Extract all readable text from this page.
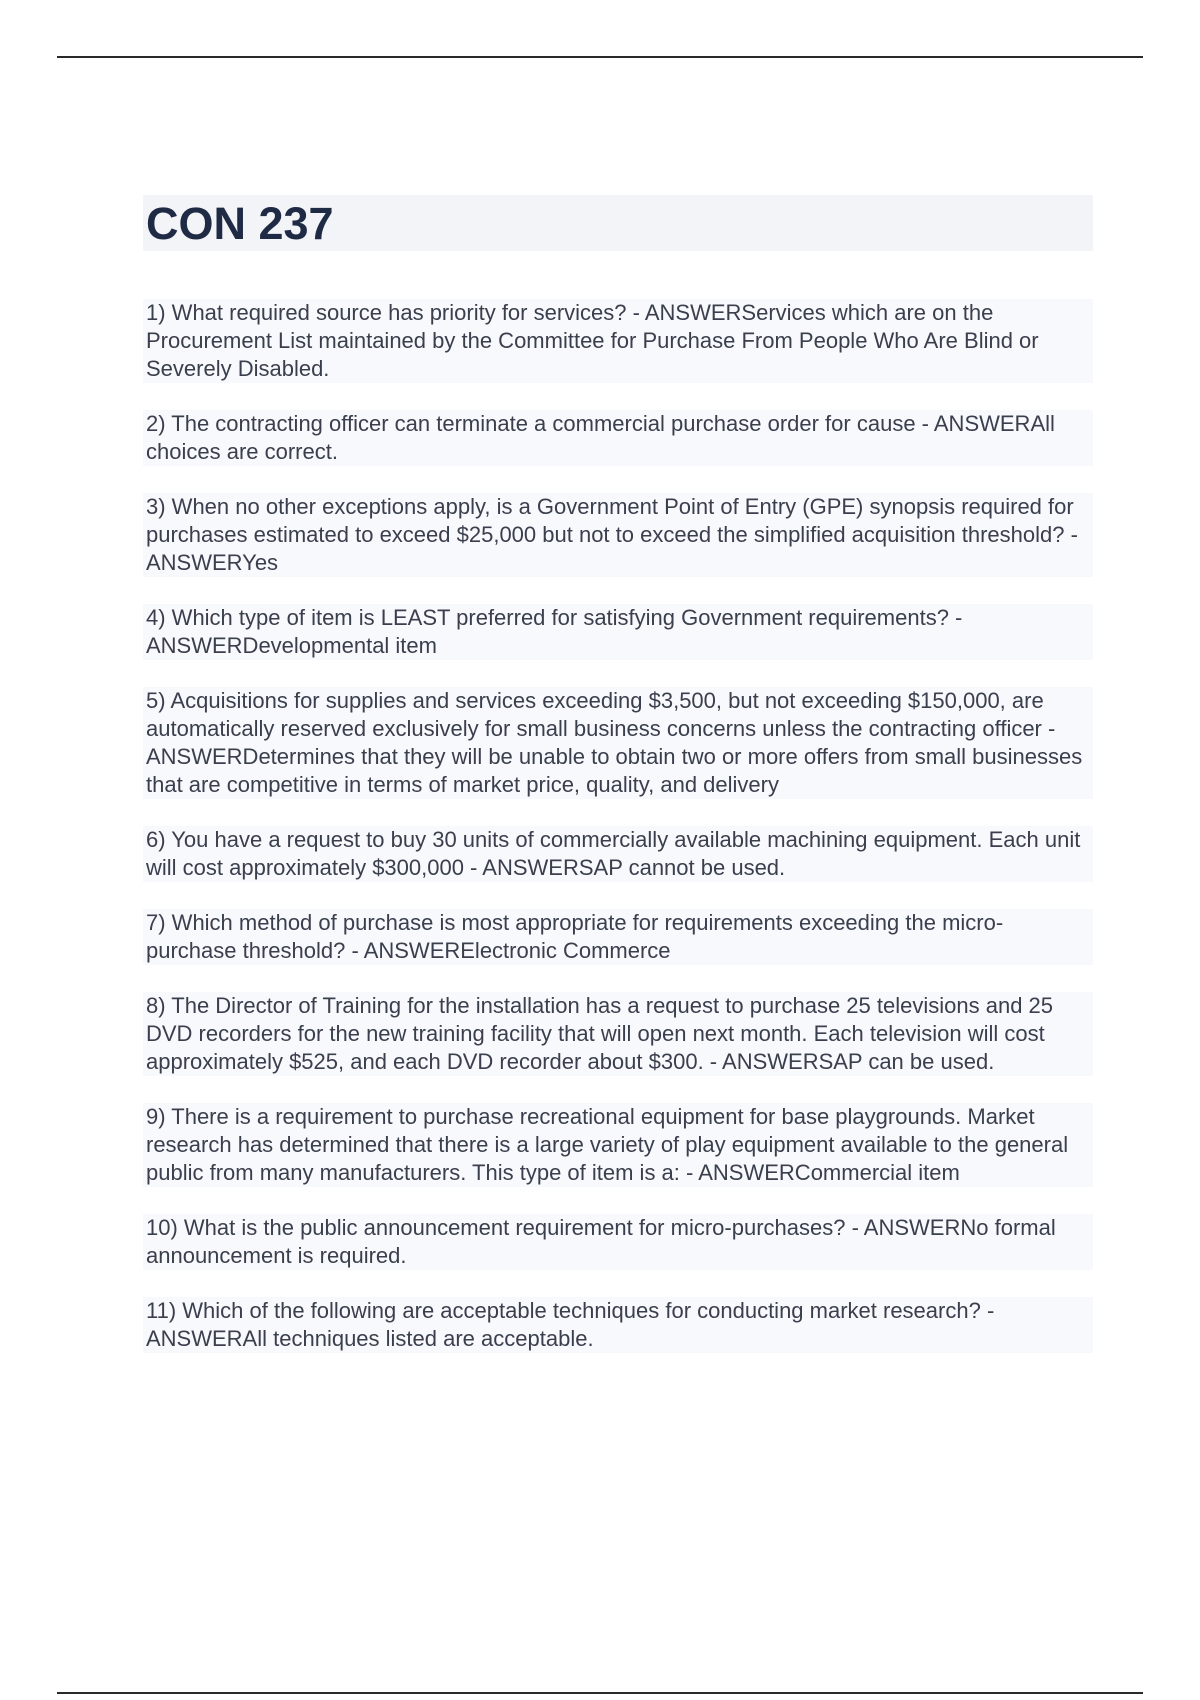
CON 237
1) What required source has priority for services? - ANSWERServices which are on the Procurement List maintained by the Committee for Purchase From People Who Are Blind or Severely Disabled.
2) The contracting officer can terminate a commercial purchase order for cause - ANSWERAll choices are correct.
3) When no other exceptions apply, is a Government Point of Entry (GPE) synopsis required for purchases estimated to exceed $25,000 but not to exceed the simplified acquisition threshold? - ANSWERYes
4) Which type of item is LEAST preferred for satisfying Government requirements? - ANSWERDevelopmental item
5) Acquisitions for supplies and services exceeding $3,500, but not exceeding $150,000, are automatically reserved exclusively for small business concerns unless the contracting officer - ANSWERDetermines that they will be unable to obtain two or more offers from small businesses that are competitive in terms of market price, quality, and delivery
6) You have a request to buy 30 units of commercially available machining equipment. Each unit will cost approximately $300,000 - ANSWERSAP cannot be used.
7) Which method of purchase is most appropriate for requirements exceeding the micro-purchase threshold? - ANSWERElectronic Commerce
8) The Director of Training for the installation has a request to purchase 25 televisions and 25 DVD recorders for the new training facility that will open next month. Each television will cost approximately $525, and each DVD recorder about $300. - ANSWERSAP can be used.
9) There is a requirement to purchase recreational equipment for base playgrounds. Market research has determined that there is a large variety of play equipment available to the general public from many manufacturers. This type of item is a: - ANSWERCommercial item
10) What is the public announcement requirement for micro-purchases? - ANSWERNo formal announcement is required.
11) Which of the following are acceptable techniques for conducting market research? - ANSWERAll techniques listed are acceptable.
